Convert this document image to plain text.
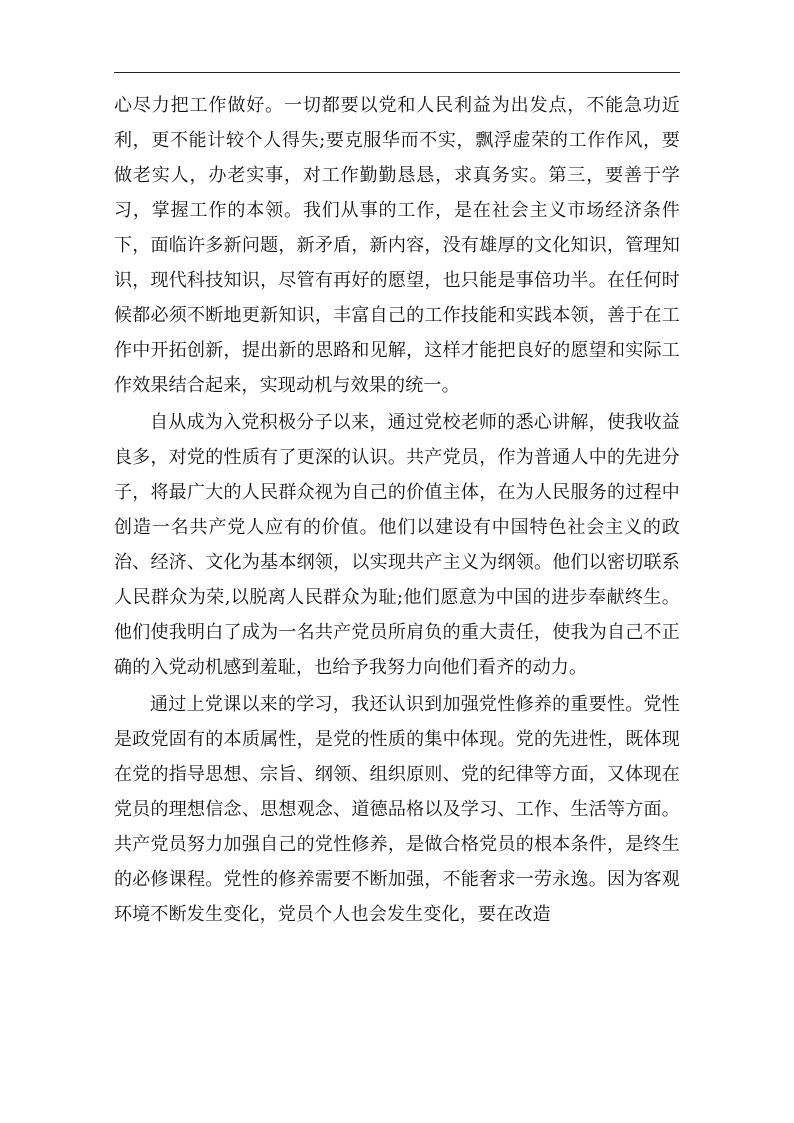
心尽力把工作做好。一切都要以党和人民利益为出发点，不能急功近利，更不能计较个人得失;要克服华而不实，飘浮虚荣的工作作风，要做老实人，办老实事，对工作勤勤恳恳，求真务实。第三，要善于学习，掌握工作的本领。我们从事的工作，是在社会主义市场经济条件下，面临许多新问题，新矛盾，新内容，没有雄厚的文化知识，管理知识，现代科技知识，尽管有再好的愿望，也只能是事倍功半。在任何时候都必须不断地更新知识，丰富自己的工作技能和实践本领，善于在工作中开拓创新，提出新的思路和见解，这样才能把良好的愿望和实际工作效果结合起来，实现动机与效果的统一。

自从成为入党积极分子以来，通过党校老师的悉心讲解，使我收益良多，对党的性质有了更深的认识。共产党员，作为普通人中的先进分子，将最广大的人民群众视为自己的价值主体，在为人民服务的过程中创造一名共产党人应有的价值。他们以建设有中国特色社会主义的政治、经济、文化为基本纲领，以实现共产主义为纲领。他们以密切联系人民群众为荣,以脱离人民群众为耻;他们愿意为中国的进步奉献终生。他们使我明白了成为一名共产党员所肩负的重大责任，使我为自己不正确的入党动机感到羞耻，也给予我努力向他们看齐的动力。

通过上党课以来的学习，我还认识到加强党性修养的重要性。党性是政党固有的本质属性，是党的性质的集中体现。党的先进性，既体现在党的指导思想、宗旨、纲领、组织原则、党的纪律等方面，又体现在党员的理想信念、思想观念、道德品格以及学习、工作、生活等方面。共产党员努力加强自己的党性修养，是做合格党员的根本条件，是终生的必修课程。党性的修养需要不断加强，不能奢求一劳永逸。因为客观环境不断发生变化，党员个人也会发生变化，要在改造
